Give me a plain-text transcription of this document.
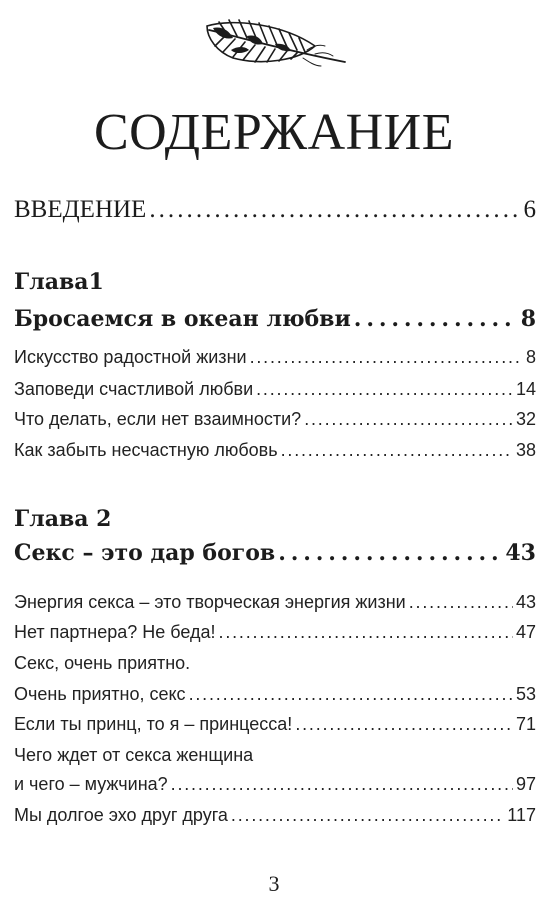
СОДЕРЖАНИЕ
ВВЕДЕНИЕ . . .	6
Глава1
Бросаемся в океан любви . . .	8
Искусство радостной жизни . . .	8
Заповеди счастливой любви . . .	14
Что делать, если нет взаимности? . . .	32
Как забыть несчастную любовь . . .	38
Глава 2
Секс – это дар богов . . .	43
Энергия секса – это творческая энергия жизни . . .	43
Нет партнера? Не беда! . . .	47
Секс, очень приятно.
Очень приятно, секс . . .	53
Если ты принц, то я – принцесса! . . .	71
Чего ждет от секса женщина
и чего – мужчина? . . .	97
Мы долгое эхо друг друга . . .	117
3
